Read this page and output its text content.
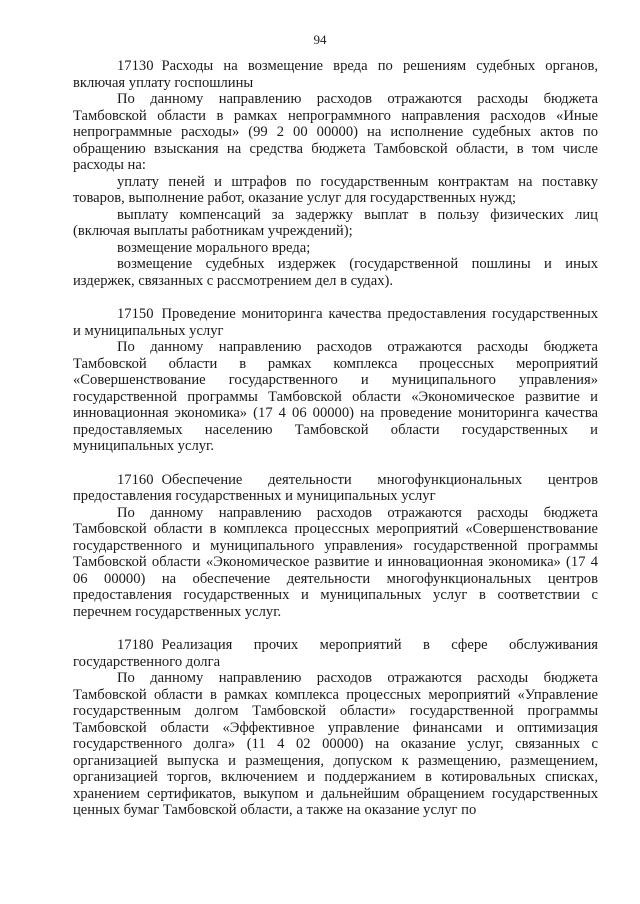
94

17130 Расходы на возмещение вреда по решениям судебных органов, включая уплату госпошлины

По данному направлению расходов отражаются расходы бюджета Тамбовской области в рамках непрограммного направления расходов «Иные непрограммные расходы» (99 2 00 00000) на исполнение судебных актов по обращению взыскания на средства бюджета Тамбовской области, в том числе расходы на:

уплату пеней и штрафов по государственным контрактам на поставку товаров, выполнение работ, оказание услуг для государственных нужд;

выплату компенсаций за задержку выплат в пользу физических лиц (включая выплаты работникам учреждений);

возмещение морального вреда;

возмещение судебных издержек (государственной пошлины и иных издержек, связанных с рассмотрением дел в судах).

17150 Проведение мониторинга качества предоставления государственных и муниципальных услуг

По данному направлению расходов отражаются расходы бюджета Тамбовской области в рамках комплекса процессных мероприятий «Совершенствование государственного и муниципального управления» государственной программы Тамбовской области «Экономическое развитие и инновационная экономика» (17 4 06 00000) на проведение мониторинга качества предоставляемых населению Тамбовской области государственных и муниципальных услуг.

17160 Обеспечение деятельности многофункциональных центров предоставления государственных и муниципальных услуг

По данному направлению расходов отражаются расходы бюджета Тамбовской области в комплекса процессных мероприятий «Совершенствование государственного и муниципального управления» государственной программы Тамбовской области «Экономическое развитие и инновационная экономика» (17 4 06 00000) на обеспечение деятельности многофункциональных центров предоставления государственных и муниципальных услуг в соответствии с перечнем государственных услуг.

17180 Реализация прочих мероприятий в сфере обслуживания государственного долга

По данному направлению расходов отражаются расходы бюджета Тамбовской области в рамках комплекса процессных мероприятий «Управление государственным долгом Тамбовской области» государственной программы Тамбовской области «Эффективное управление финансами и оптимизация государственного долга» (11 4 02 00000) на оказание услуг, связанных с организацией выпуска и размещения, допуском к размещению, размещением, организацией торгов, включением и поддержанием в котировальных списках, хранением сертификатов, выкупом и дальнейшим обращением государственных ценных бумаг Тамбовской области, а также на оказание услуг по
